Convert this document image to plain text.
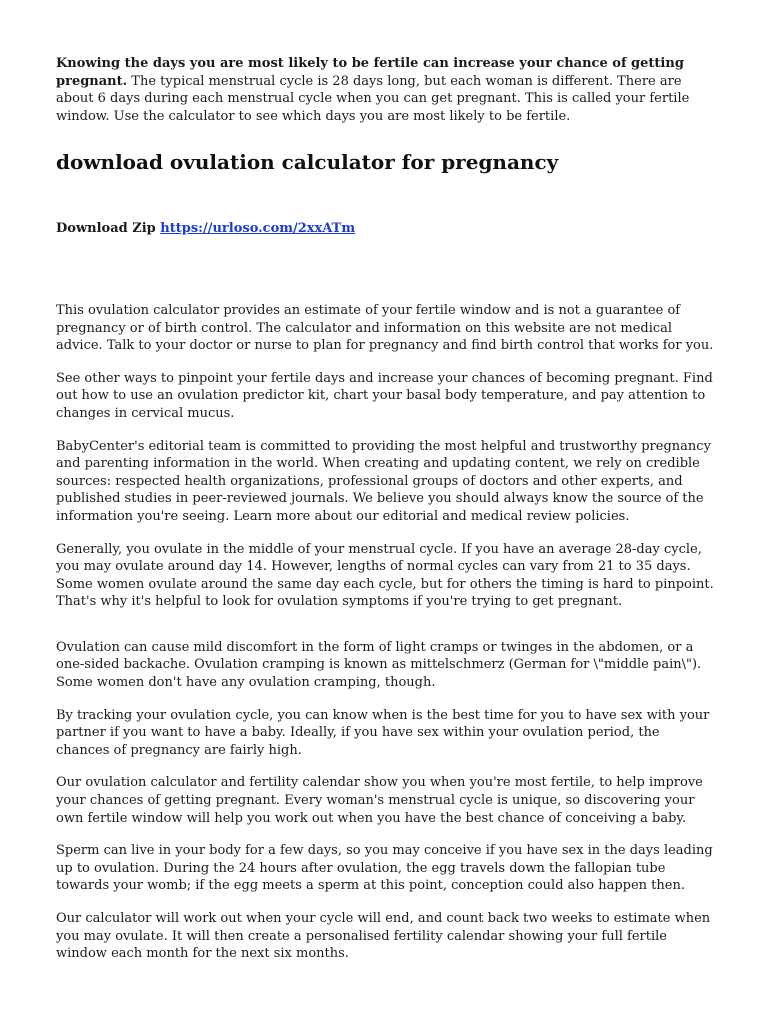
Knowing the days you are most likely to be fertile can increase your chance of getting pregnant. The typical menstrual cycle is 28 days long, but each woman is different. There are about 6 days during each menstrual cycle when you can get pregnant. This is called your fertile window. Use the calculator to see which days you are most likely to be fertile.

download ovulation calculator for pregnancy

Download Zip https://urloso.com/2xxATm

This ovulation calculator provides an estimate of your fertile window and is not a guarantee of pregnancy or of birth control. The calculator and information on this website are not medical advice. Talk to your doctor or nurse to plan for pregnancy and find birth control that works for you.

See other ways to pinpoint your fertile days and increase your chances of becoming pregnant. Find out how to use an ovulation predictor kit, chart your basal body temperature, and pay attention to changes in cervical mucus.

BabyCenter's editorial team is committed to providing the most helpful and trustworthy pregnancy and parenting information in the world. When creating and updating content, we rely on credible sources: respected health organizations, professional groups of doctors and other experts, and published studies in peer-reviewed journals. We believe you should always know the source of the information you're seeing. Learn more about our editorial and medical review policies.

Generally, you ovulate in the middle of your menstrual cycle. If you have an average 28-day cycle, you may ovulate around day 14. However, lengths of normal cycles can vary from 21 to 35 days. Some women ovulate around the same day each cycle, but for others the timing is hard to pinpoint. That's why it's helpful to look for ovulation symptoms if you're trying to get pregnant.

Ovulation can cause mild discomfort in the form of light cramps or twinges in the abdomen, or a one-sided backache. Ovulation cramping is known as mittelschmerz (German for \"middle pain\"). Some women don't have any ovulation cramping, though.

By tracking your ovulation cycle, you can know when is the best time for you to have sex with your partner if you want to have a baby. Ideally, if you have sex within your ovulation period, the chances of pregnancy are fairly high.

Our ovulation calculator and fertility calendar show you when you're most fertile, to help improve your chances of getting pregnant. Every woman's menstrual cycle is unique, so discovering your own fertile window will help you work out when you have the best chance of conceiving a baby.

Sperm can live in your body for a few days, so you may conceive if you have sex in the days leading up to ovulation. During the 24 hours after ovulation, the egg travels down the fallopian tube towards your womb; if the egg meets a sperm at this point, conception could also happen then.

Our calculator will work out when your cycle will end, and count back two weeks to estimate when you may ovulate. It will then create a personalised fertility calendar showing your full fertile window each month for the next six months.
